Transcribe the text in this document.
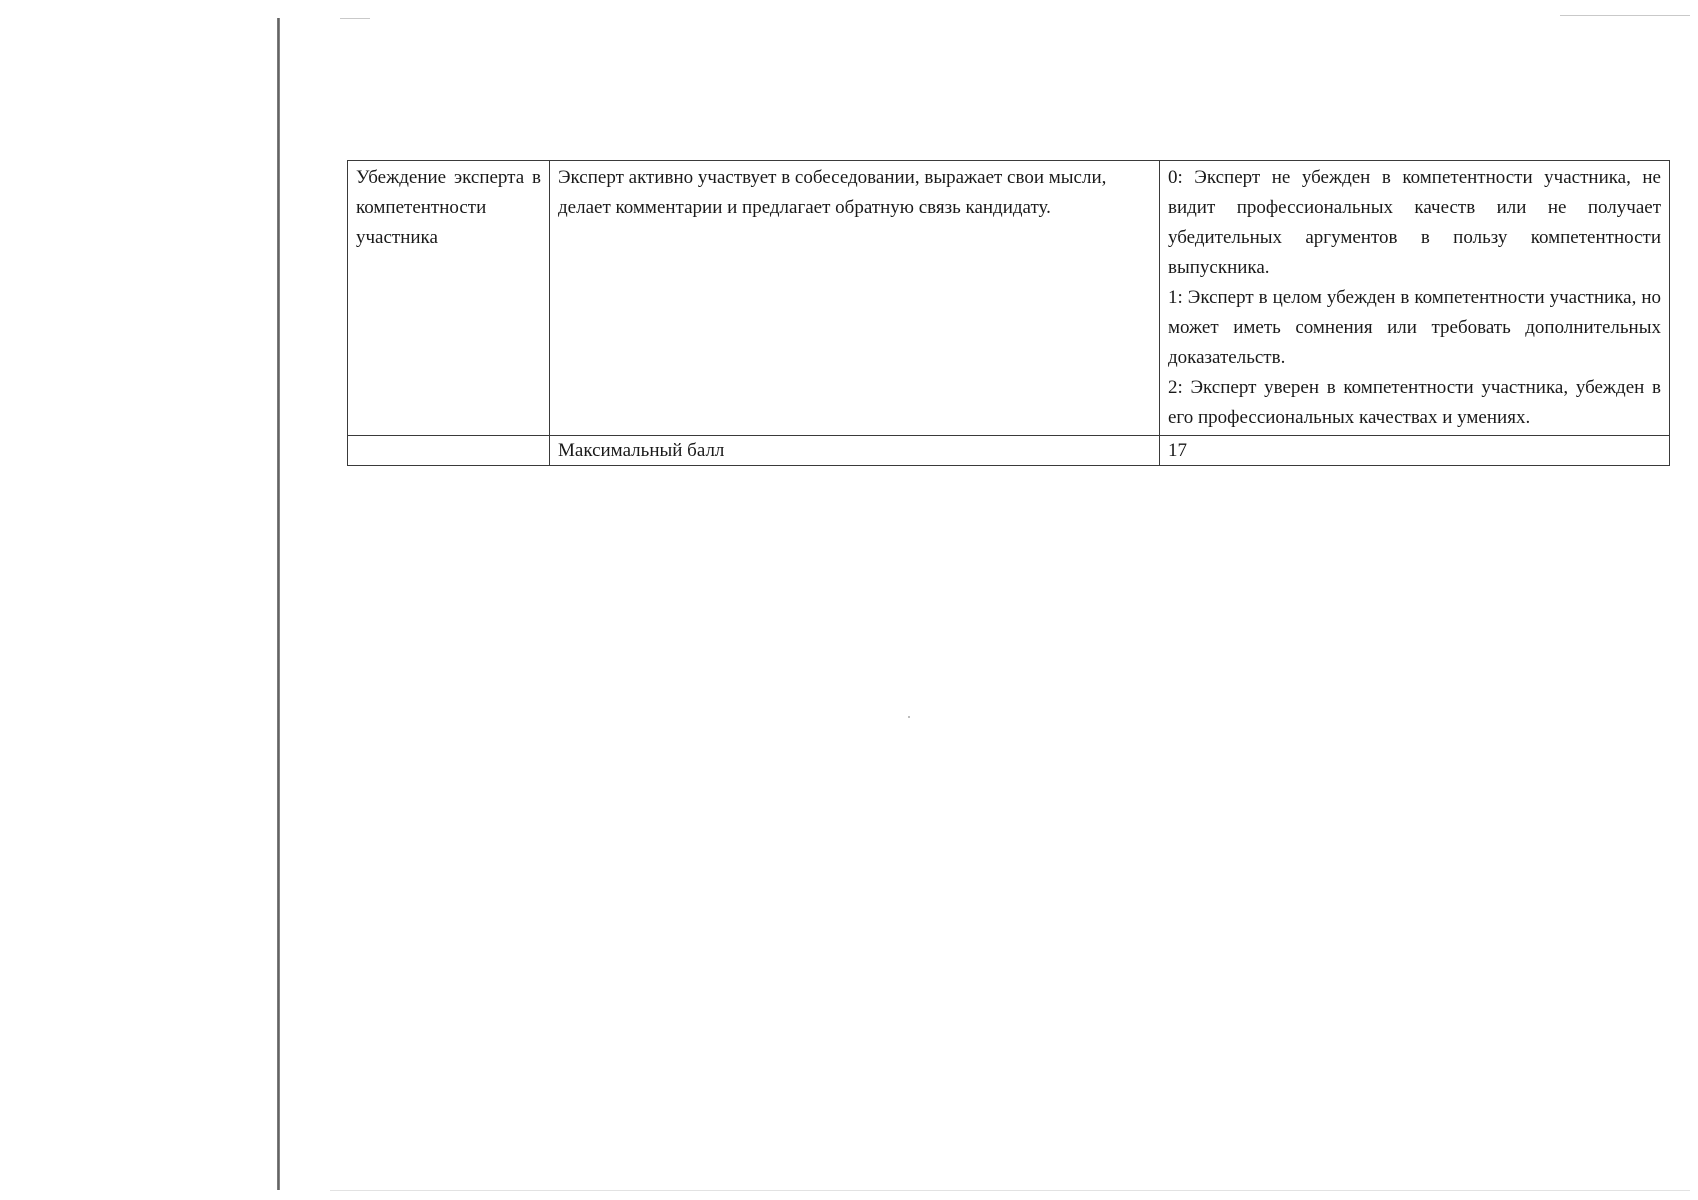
Убеждение эксперта в компетентности участника	Эксперт активно участвует в собеседовании, выражает свои мысли, делает комментарии и предлагает обратную связь кандидату.	0: Эксперт не убежден в компетентности участника, не видит профессиональных качеств или не получает убедительных аргументов в пользу компетентности выпускника.
1: Эксперт в целом убежден в компетентности участника, но может иметь сомнения или требовать дополнительных доказательств.
2: Эксперт уверен в компетентности участника, убежден в его профессиональных качествах и умениях.

	Максимальный балл	17
